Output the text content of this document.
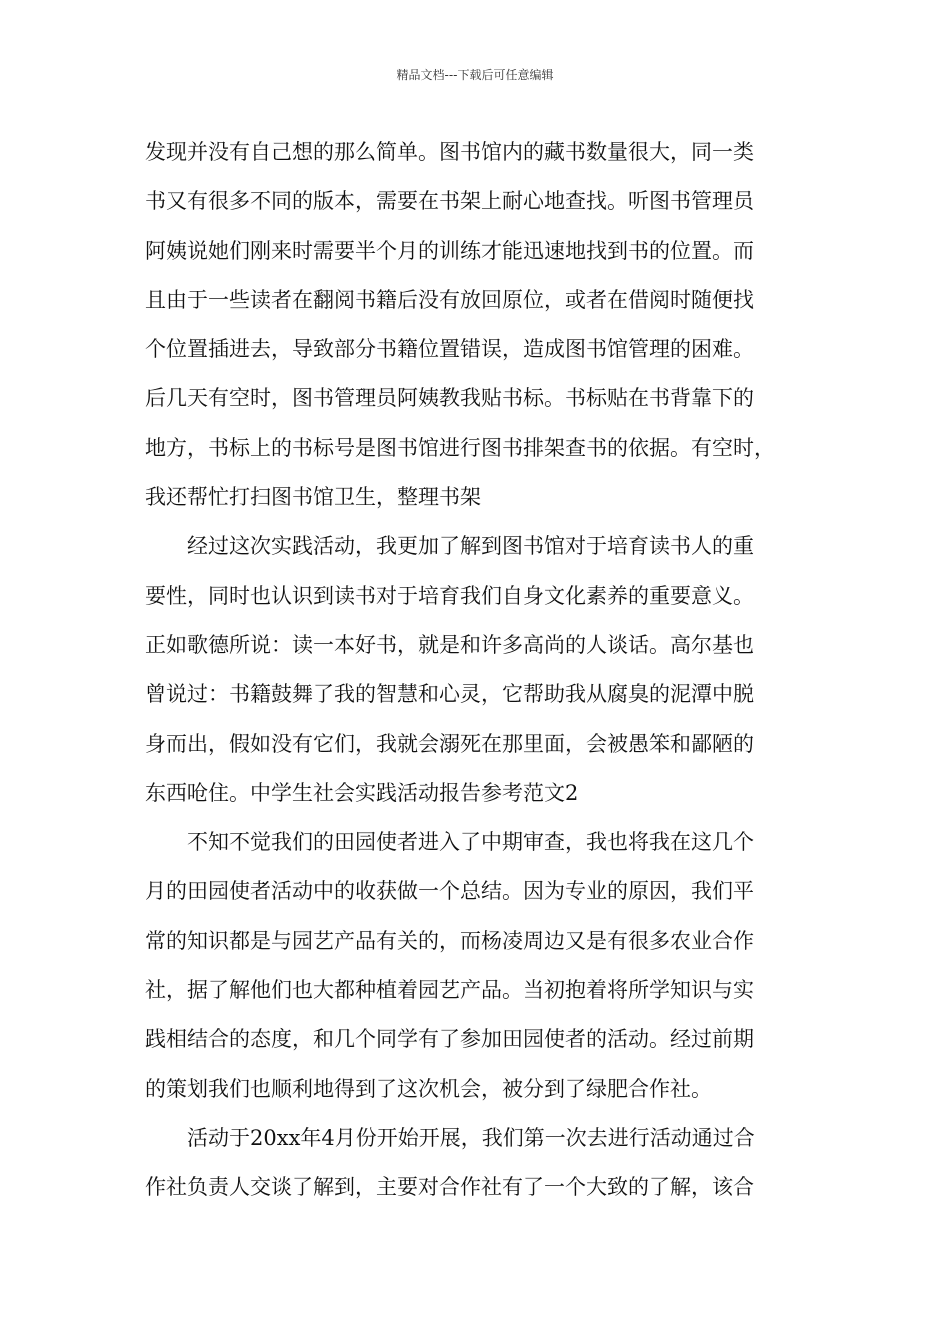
精品文档---下载后可任意编辑
发现并没有自己想的那么简单。图书馆内的藏书数量很大，同一类
书又有很多不同的版本，需要在书架上耐心地查找。听图书管理员
阿姨说她们刚来时需要半个月的训练才能迅速地找到书的位置。而
且由于一些读者在翻阅书籍后没有放回原位，或者在借阅时随便找
个位置插进去，导致部分书籍位置错误，造成图书馆管理的困难。
后几天有空时，图书管理员阿姨教我贴书标。书标贴在书背靠下的
地方，书标上的书标号是图书馆进行图书排架查书的依据。有空时，
我还帮忙打扫图书馆卫生，整理书架
经过这次实践活动，我更加了解到图书馆对于培育读书人的重
要性，同时也认识到读书对于培育我们自身文化素养的重要意义。
正如歌德所说：读一本好书，就是和许多高尚的人谈话。高尔基也
曾说过：书籍鼓舞了我的智慧和心灵，它帮助我从腐臭的泥潭中脱
身而出，假如没有它们，我就会溺死在那里面，会被愚笨和鄙陋的
东西呛住。中学生社会实践活动报告参考范文2
不知不觉我们的田园使者进入了中期审查，我也将我在这几个
月的田园使者活动中的收获做一个总结。因为专业的原因，我们平
常的知识都是与园艺产品有关的，而杨凌周边又是有很多农业合作
社，据了解他们也大都种植着园艺产品。当初抱着将所学知识与实
践相结合的态度，和几个同学有了参加田园使者的活动。经过前期
的策划我们也顺利地得到了这次机会，被分到了绿肥合作社。
活动于20xx年4月份开始开展，我们第一次去进行活动通过合
作社负责人交谈了解到，主要对合作社有了一个大致的了解，该合
